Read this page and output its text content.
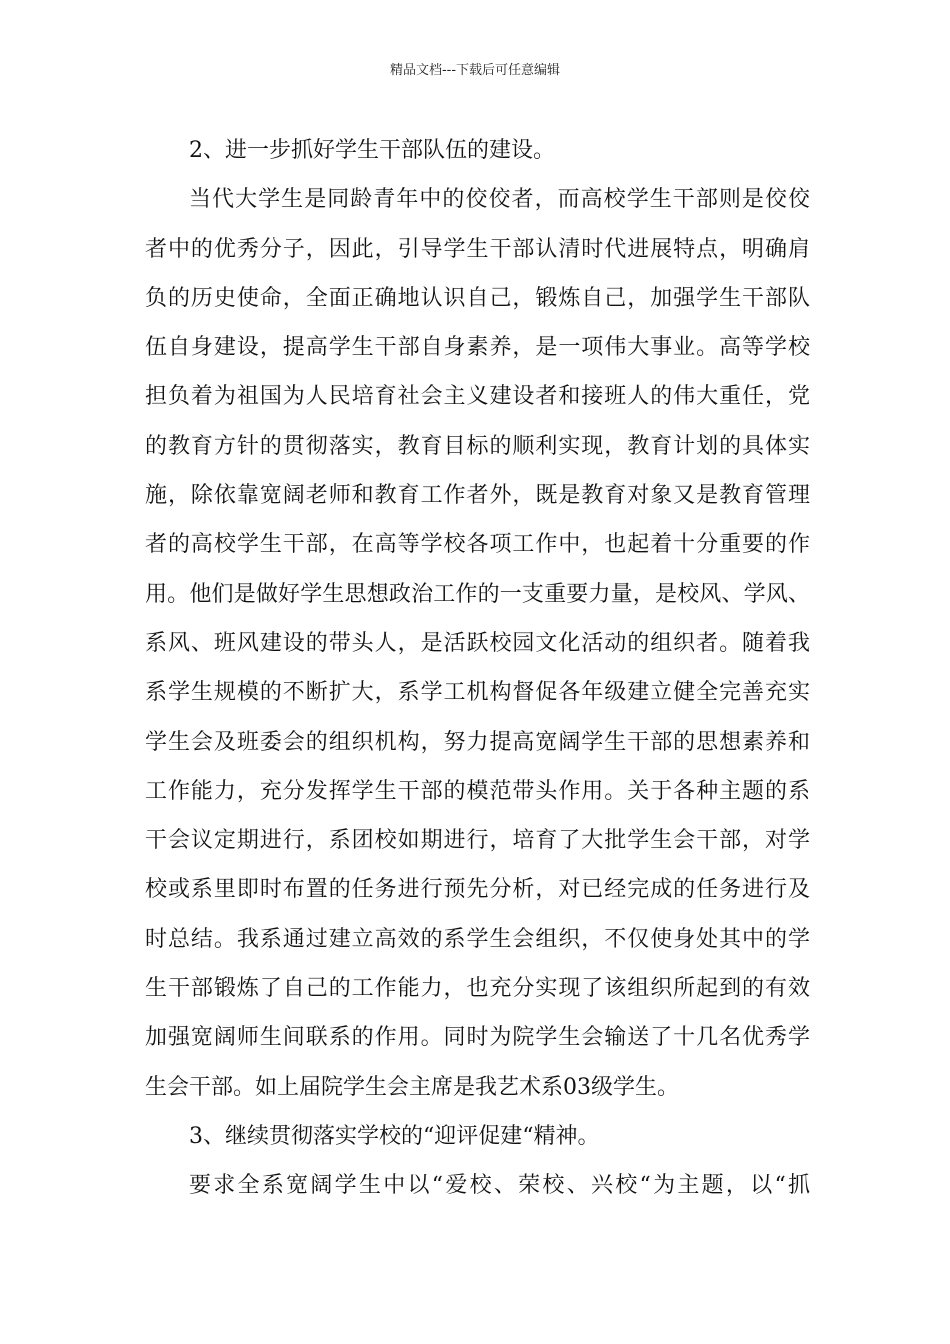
精品文档---下载后可任意编辑
2、进一步抓好学生干部队伍的建设。
当代大学生是同龄青年中的佼佼者，而高校学生干部则是佼佼
者中的优秀分子，因此，引导学生干部认清时代进展特点，明确肩
负的历史使命，全面正确地认识自己，锻炼自己，加强学生干部队
伍自身建设，提高学生干部自身素养，是一项伟大事业。高等学校
担负着为祖国为人民培育社会主义建设者和接班人的伟大重任，党
的教育方针的贯彻落实，教育目标的顺利实现，教育计划的具体实
施，除依靠宽阔老师和教育工作者外，既是教育对象又是教育管理
者的高校学生干部，在高等学校各项工作中，也起着十分重要的作
用。他们是做好学生思想政治工作的一支重要力量，是校风、学风、
系风、班风建设的带头人，是活跃校园文化活动的组织者。随着我
系学生规模的不断扩大，系学工机构督促各年级建立健全完善充实
学生会及班委会的组织机构，努力提高宽阔学生干部的思想素养和
工作能力，充分发挥学生干部的模范带头作用。关于各种主题的系
干会议定期进行，系团校如期进行，培育了大批学生会干部，对学
校或系里即时布置的任务进行预先分析，对已经完成的任务进行及
时总结。我系通过建立高效的系学生会组织，不仅使身处其中的学
生干部锻炼了自己的工作能力，也充分实现了该组织所起到的有效
加强宽阔师生间联系的作用。同时为院学生会输送了十几名优秀学
生会干部。如上届院学生会主席是我艺术系03级学生。
3、继续贯彻落实学校的“迎评促建“精神。
要求全系宽阔学生中以“爱校、荣校、兴校“为主题，以“抓
